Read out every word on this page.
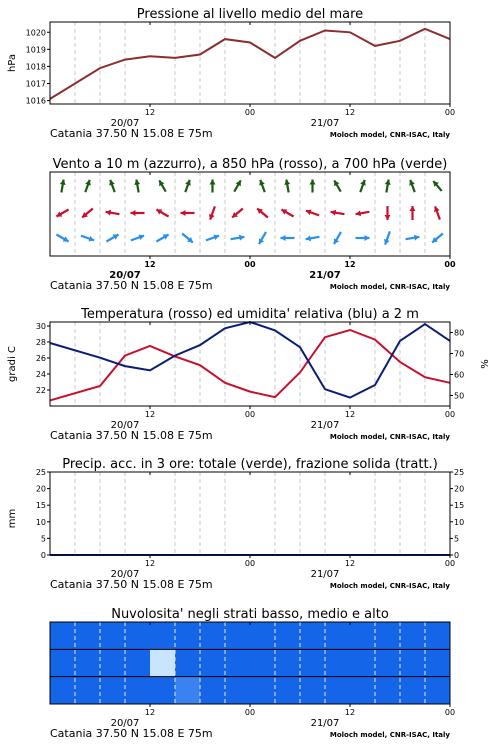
Pressione al livello medio del mare
12	00	12	00
20/07	21/07
Catania 37.50 N 15.08 E 75m	Moloch model, CNR-ISAC, Italy
1016
1017
1018
1019
1020
hPa
Vento a 10 m (azzurro), a 850 hPa (rosso), a 700 hPa (verde)
12	00	12	00
20/07	21/07
Catania 37.50 N 15.08 E 75m	Moloch model, CNR-ISAC, Italy
Temperatura (rosso) ed umidita' relativa (blu) a 2 m
12	00	12	00
20/07	21/07
Catania 37.50 N 15.08 E 75m	Moloch model, CNR-ISAC, Italy
22
24
26
28
30
50
60
70
80
gradi C	%
Precip. acc. in 3 ore: totale (verde), frazione solida (tratt.)
12	00	12	00
20/07	21/07
Catania 37.50 N 15.08 E 75m	Moloch model, CNR-ISAC, Italy
0
5
10
15
20
25
0
5
10
15
20
25
mm
Nuvolosita' negli strati basso, medio e alto
12	00	12	00
20/07	21/07
Catania 37.50 N 15.08 E 75m	Moloch model, CNR-ISAC, Italy
